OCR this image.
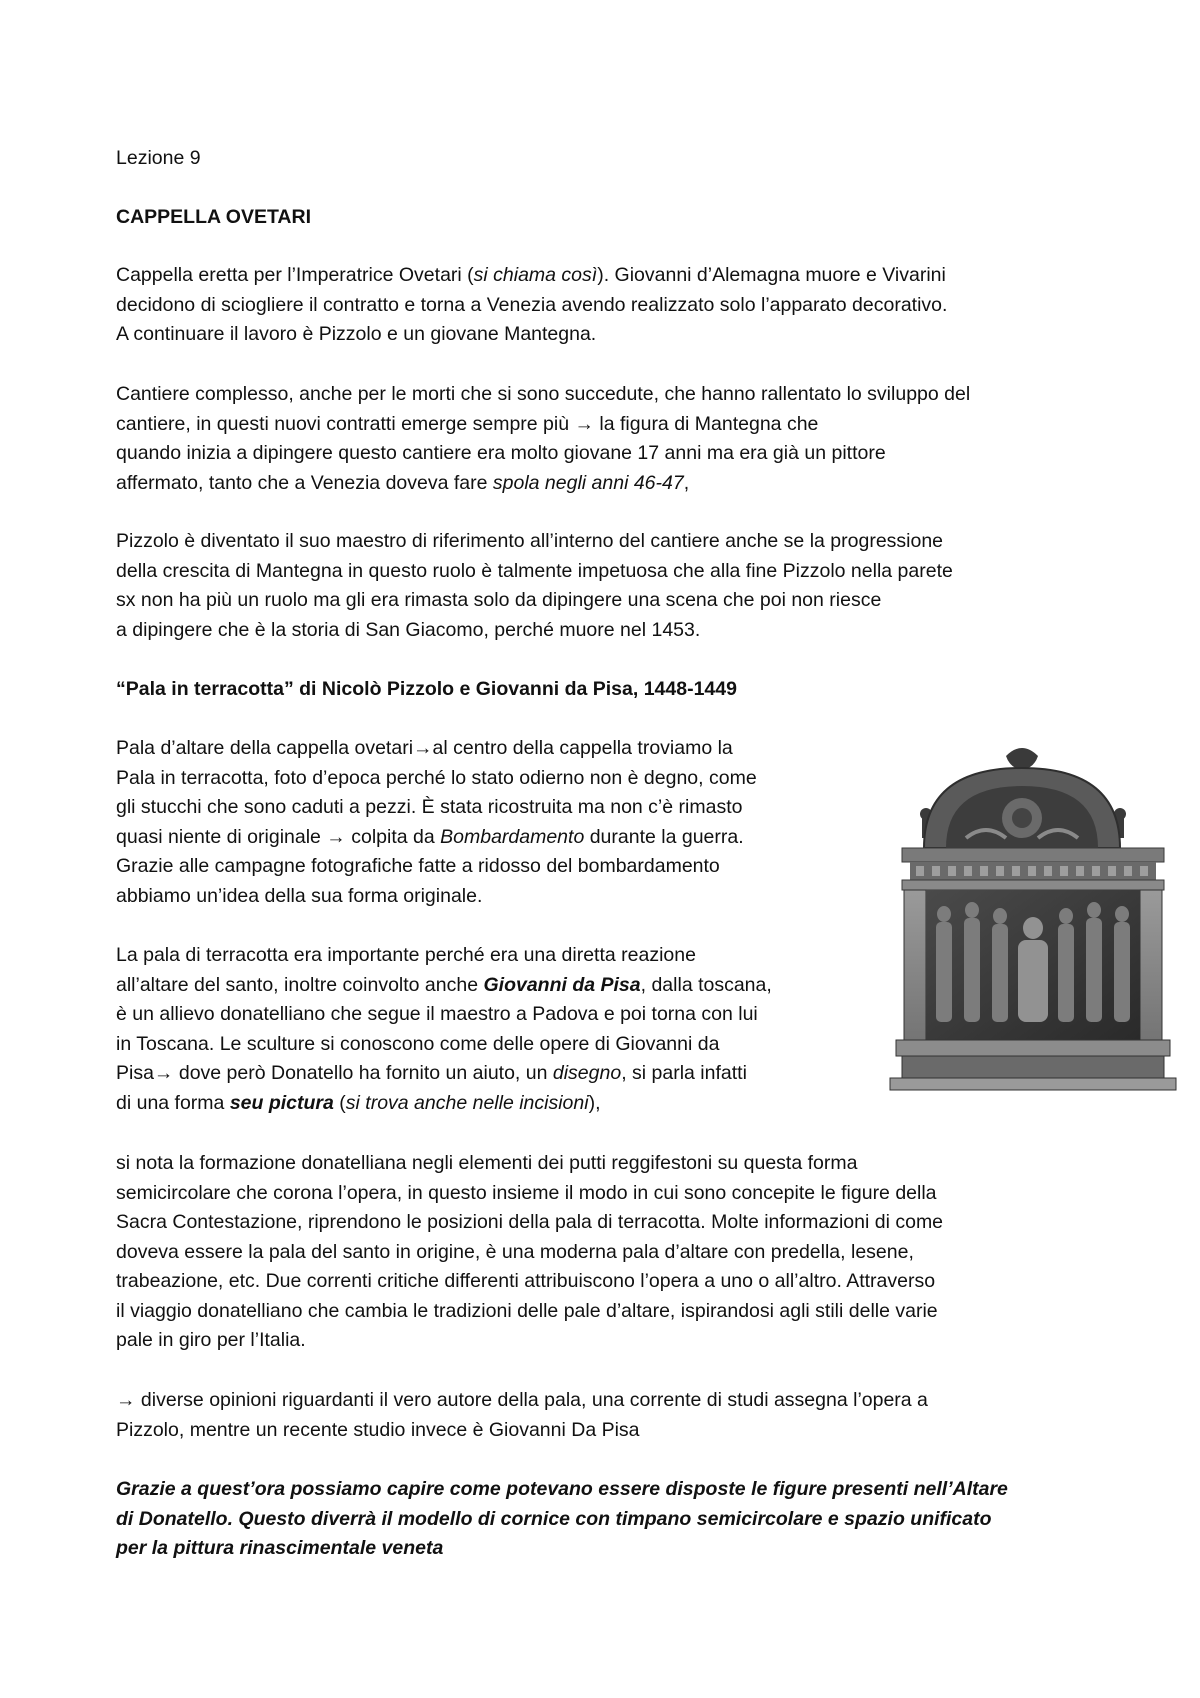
Lezione 9
CAPPELLA OVETARI
Cappella eretta per l’Imperatrice Ovetari (si chiama così). Giovanni d’Alemagna muore e Vivarini
decidono di sciogliere il contratto e torna a Venezia avendo realizzato solo l’apparato decorativo.
A continuare il lavoro è Pizzolo e un giovane Mantegna.
Cantiere complesso, anche per le morti che si sono succedute, che hanno rallentato lo sviluppo del
cantiere, in questi nuovi contratti emerge sempre più → la figura di Mantegna che
quando inizia a dipingere questo cantiere era molto giovane 17 anni ma era già un pittore
affermato, tanto che a Venezia doveva fare spola negli anni 46-47,
Pizzolo è diventato il suo maestro di riferimento all’interno del cantiere anche se la progressione
della crescita di Mantegna in questo ruolo è talmente impetuosa che alla fine Pizzolo nella parete
sx non ha più un ruolo ma gli era rimasta solo da dipingere una scena che poi non riesce
a dipingere che è la storia di San Giacomo, perché muore nel 1453.
“Pala in terracotta” di Nicolò Pizzolo e Giovanni da Pisa, 1448-1449
Pala d’altare della cappella ovetari→al centro della cappella troviamo la
Pala in terracotta, foto d’epoca perché lo stato odierno non è degno, come
gli stucchi che sono caduti a pezzi. È stata ricostruita ma non c’è rimasto
quasi niente di originale → colpita da Bombardamento durante la guerra.
Grazie alle campagne fotografiche fatte a ridosso del bombardamento
abbiamo un’idea della sua forma originale.
La pala di terracotta era importante perché era una diretta reazione
all’altare del santo, inoltre coinvolto anche Giovanni da Pisa, dalla toscana,
è un allievo donatelliano che segue il maestro a Padova e poi torna con lui
in Toscana. Le sculture si conoscono come delle opere di Giovanni da
Pisa→ dove però Donatello ha fornito un aiuto, un disegno, si parla infatti
di una forma seu pictura (si trova anche nelle incisioni),
si nota la formazione donatelliana negli elementi dei putti reggifestoni su questa forma
semicircolare che corona l’opera, in questo insieme il modo in cui sono concepite le figure della
Sacra Contestazione, riprendono le posizioni della pala di terracotta. Molte informazioni di come
doveva essere la pala del santo in origine, è una moderna pala d’altare con predella, lesene,
trabeazione, etc. Due correnti critiche differenti attribuiscono l’opera a uno o all’altro. Attraverso
il viaggio donatelliano che cambia le tradizioni delle pale d’altare, ispirandosi agli stili delle varie
pale in giro per l’Italia.
→ diverse opinioni riguardanti il vero autore della pala, una corrente di studi assegna l’opera a
Pizzolo, mentre un recente studio invece è Giovanni Da Pisa
Grazie a quest’ora possiamo capire come potevano essere disposte le figure presenti nell’Altare
di Donatello. Questo diverrà il modello di cornice con timpano semicircolare e spazio unificato
per la pittura rinascimentale veneta
